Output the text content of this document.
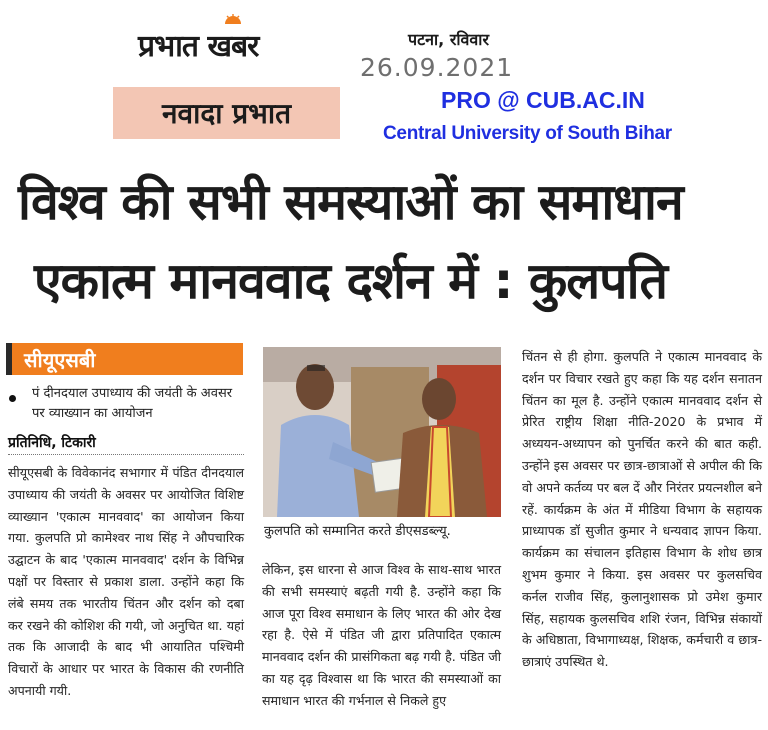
प्रभात खबर	पटना, रविवार
26.09.2021
नवादा प्रभात	PRO @ CUB.AC.IN
Central University of South Bihar
विश्व की सभी समस्याओं का समाधान
एकात्म मानववाद दर्शन में : कुलपति
सीयूएसबी
पं दीनदयाल उपाध्याय की जयंती के अवसर पर व्याख्यान का आयोजन
प्रतिनिधि, टिकारी
सीयूएसबी के विवेकानंद सभागार में पंडित दीनदयाल उपाध्याय की जयंती के अवसर पर आयोजित विशिष्ट व्याख्यान 'एकात्म मानववाद' का आयोजन किया गया. कुलपति प्रो कामेश्वर नाथ सिंह ने औपचारिक उद्घाटन के बाद 'एकात्म मानववाद' दर्शन के विभिन्न पक्षों पर विस्तार से प्रकाश डाला. उन्होंने कहा कि लंबे समय तक भारतीय चिंतन और दर्शन को दबा कर रखने की कोशिश की गयी, जो अनुचित था. यहां तक कि आजादी के बाद भी आयातित पश्चिमी विचारों के आधार पर भारत के विकास की रणनीति अपनायी गयी.
लेकिन, इस धारना से आज विश्व के साथ-साथ भारत की सभी समस्याएं बढ़ती गयी है. उन्होंने कहा कि आज पूरा विश्व समाधान के लिए भारत की ओर देख रहा है. ऐसे में पंडित जी द्वारा प्रतिपादित एकात्म मानववाद दर्शन की प्रासंगिकता बढ़ गयी है. पंडित जी का यह दृढ़ विश्वास था कि भारत की समस्याओं का समाधान भारत की गर्भनाल से निकले हुए
चिंतन से ही होगा. कुलपति ने एकात्म मानववाद के दर्शन पर विचार रखते हुए कहा कि यह दर्शन सनातन चिंतन का मूल है. उन्होंने एकात्म मानववाद दर्शन से प्रेरित राष्ट्रीय शिक्षा नीति-2020 के प्रभाव में अध्ययन-अध्यापन को पुनर्चित करने की बात कही. उन्होंने इस अवसर पर छात्र-छात्राओं से अपील की कि वो अपने कर्तव्य पर बल दें और निरंतर प्रयत्नशील बने रहें. कार्यक्रम के अंत में मीडिया विभाग के सहायक प्राध्यापक डॉ सुजीत कुमार ने धन्यवाद ज्ञापन किया. कार्यक्रम का संचालन इतिहास विभाग के शोध छात्र शुभम कुमार ने किया. इस अवसर पर कुलसचिव कर्नल राजीव सिंह, कुलानुशासक प्रो उमेश कुमार सिंह, सहायक कुलसचिव शशि रंजन, विभिन्न संकायों के अधिष्ठाता, विभागाध्यक्ष, शिक्षक, कर्मचारी व छात्र-छात्राएं उपस्थित थे.
कुलपति को सम्मानित करते डीएसडब्ल्यू.
